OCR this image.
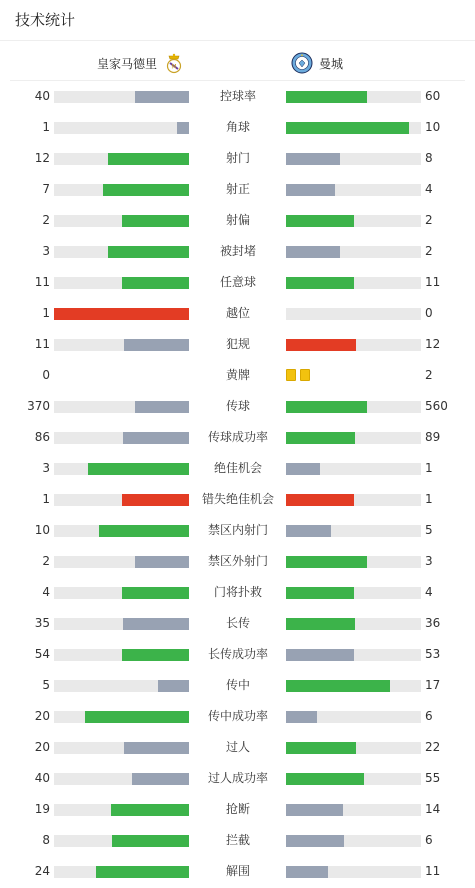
技术统计
皇家马德里 M	曼城
40	控球率	60
1	角球	10
12	射门	8
7	射正	4
2	射偏	2
3	被封堵	2
11	任意球	11
1	越位	0
11	犯规	12
0	黄牌	2
370	传球	560
86	传球成功率	89
3	绝佳机会	1
1	错失绝佳机会	1
10	禁区内射门	5
2	禁区外射门	3
4	门将扑救	4
35	长传	36
54	长传成功率	53
5	传中	17
20	传中成功率	6
20	过人	22
40	过人成功率	55
19	抢断	14
8	拦截	6
24	解围	11
